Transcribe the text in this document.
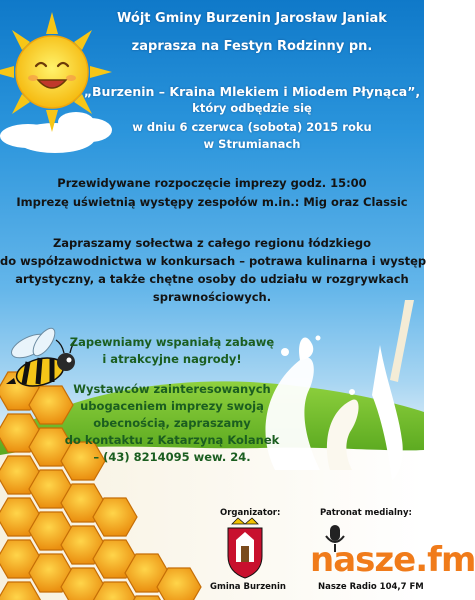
Wójt Gminy Burzenin Jarosław Janiak
zaprasza na Festyn Rodzinny pn.
„Burzenin – Kraina Mlekiem i Miodem Płynąca”,
który odbędzie się
w dniu 6 czerwca (sobota) 2015 roku
w Strumianach
Przewidywane rozpoczęcie imprezy godz. 15:00
Imprezę uświetnią występy zespołów m.in.: Mig oraz Classic
Zapraszamy sołectwa z całego regionu łódzkiego
do współzawodnictwa w konkursach – potrawa kulinarna i występ
artystyczny, a także chętne osoby do udziału w rozgrywkach
sprawnościowych.
Zapewniamy wspaniałą zabawę
i atrakcyjne nagrody!
Wystawców zainteresowanych
ubogaceniem imprezy swoją
obecnością, zapraszamy
do kontaktu z Katarzyną Kolanek
– (43) 8214095 wew. 24.
Organizator:
Gmina Burzenin
Patronat medialny:
nasze.fm
Nasze Radio 104,7 FM
